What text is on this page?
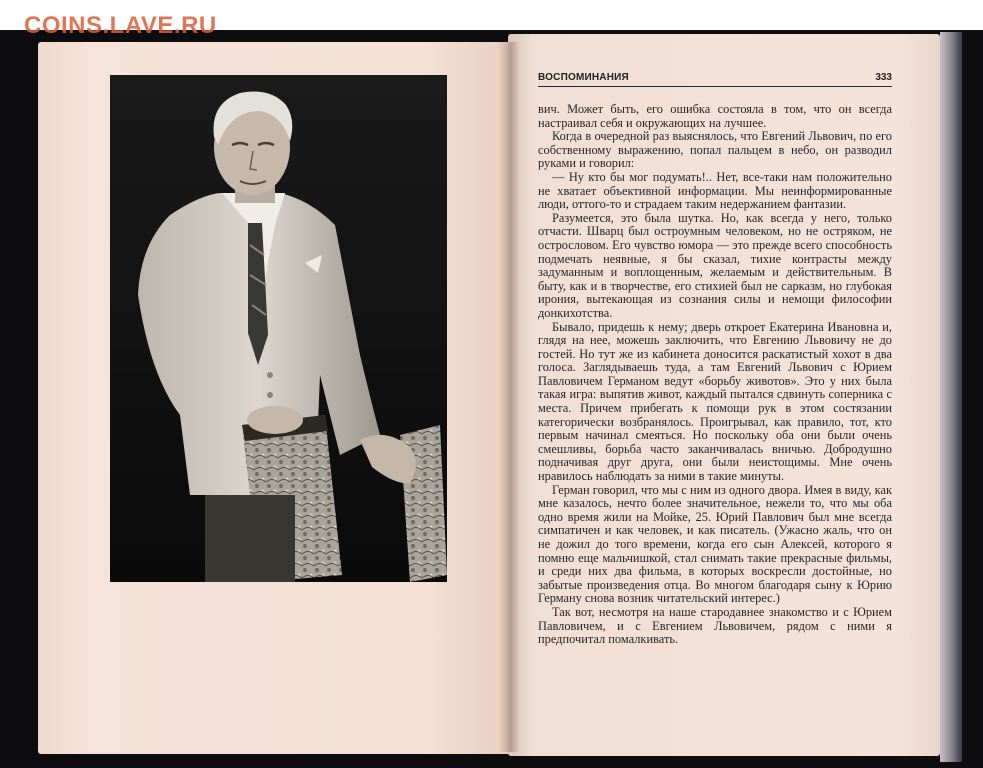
COINS.LAVE.RU
ВОСПОМИНАНИЯ	333

вич. Может быть, его ошибка состояла в том, что он всегда настраивал себя и окружающих на лучшее.

Когда в очередной раз выяснялось, что Евгений Львович, по его собственному выражению, попал пальцем в небо, он разводил руками и говорил:

— Ну кто бы мог подумать!.. Нет, все-таки нам положительно не хватает объективной информации. Мы неинформированные люди, оттого-то и страдаем таким недержанием фантазии.

Разумеется, это была шутка. Но, как всегда у него, только отчасти. Шварц был остроумным человеком, но не остряком, не острословом. Его чувство юмора — это прежде всего способность подмечать неявные, я бы сказал, тихие контрасты между задуманным и воплощенным, желаемым и действительным. В быту, как и в творчестве, его стихией был не сарказм, но глубокая ирония, вытекающая из сознания силы и немощи философии донкихотства.

Бывало, придешь к нему; дверь откроет Екатерина Ивановна и, глядя на нее, можешь заключить, что Евгению Львовичу не до гостей. Но тут же из кабинета доносится раскатистый хохот в два голоса. Заглядываешь туда, а там Евгений Львович с Юрием Павловичем Германом ведут «борьбу животов». Это у них была такая игра: выпятив живот, каждый пытался сдвинуть соперника с места. Причем прибегать к помощи рук в этом состязании категорически возбранялось. Проигрывал, как правило, тот, кто первым начинал смеяться. Но поскольку оба они были очень смешливы, борьба часто заканчивалась вничью. Добродушно подначивая друг друга, они были неистощимы. Мне очень нравилось наблюдать за ними в такие минуты.

Герман говорил, что мы с ним из одного двора. Имея в виду, как мне казалось, нечто более значительное, нежели то, что мы оба одно время жили на Мойке, 25. Юрий Павлович был мне всегда симпатичен и как человек, и как писатель. (Ужасно жаль, что он не дожил до того времени, когда его сын Алексей, которого я помню еще мальчишкой, стал снимать такие прекрасные фильмы, и среди них два фильма, в которых воскресли достойные, но забытые произведения отца. Во многом благодаря сыну к Юрию Герману снова возник читательский интерес.)

Так вот, несмотря на наше стародавнее знакомство и с Юрием Павловичем, и с Евгением Львовичем, рядом с ними я предпочитал помалкивать.
